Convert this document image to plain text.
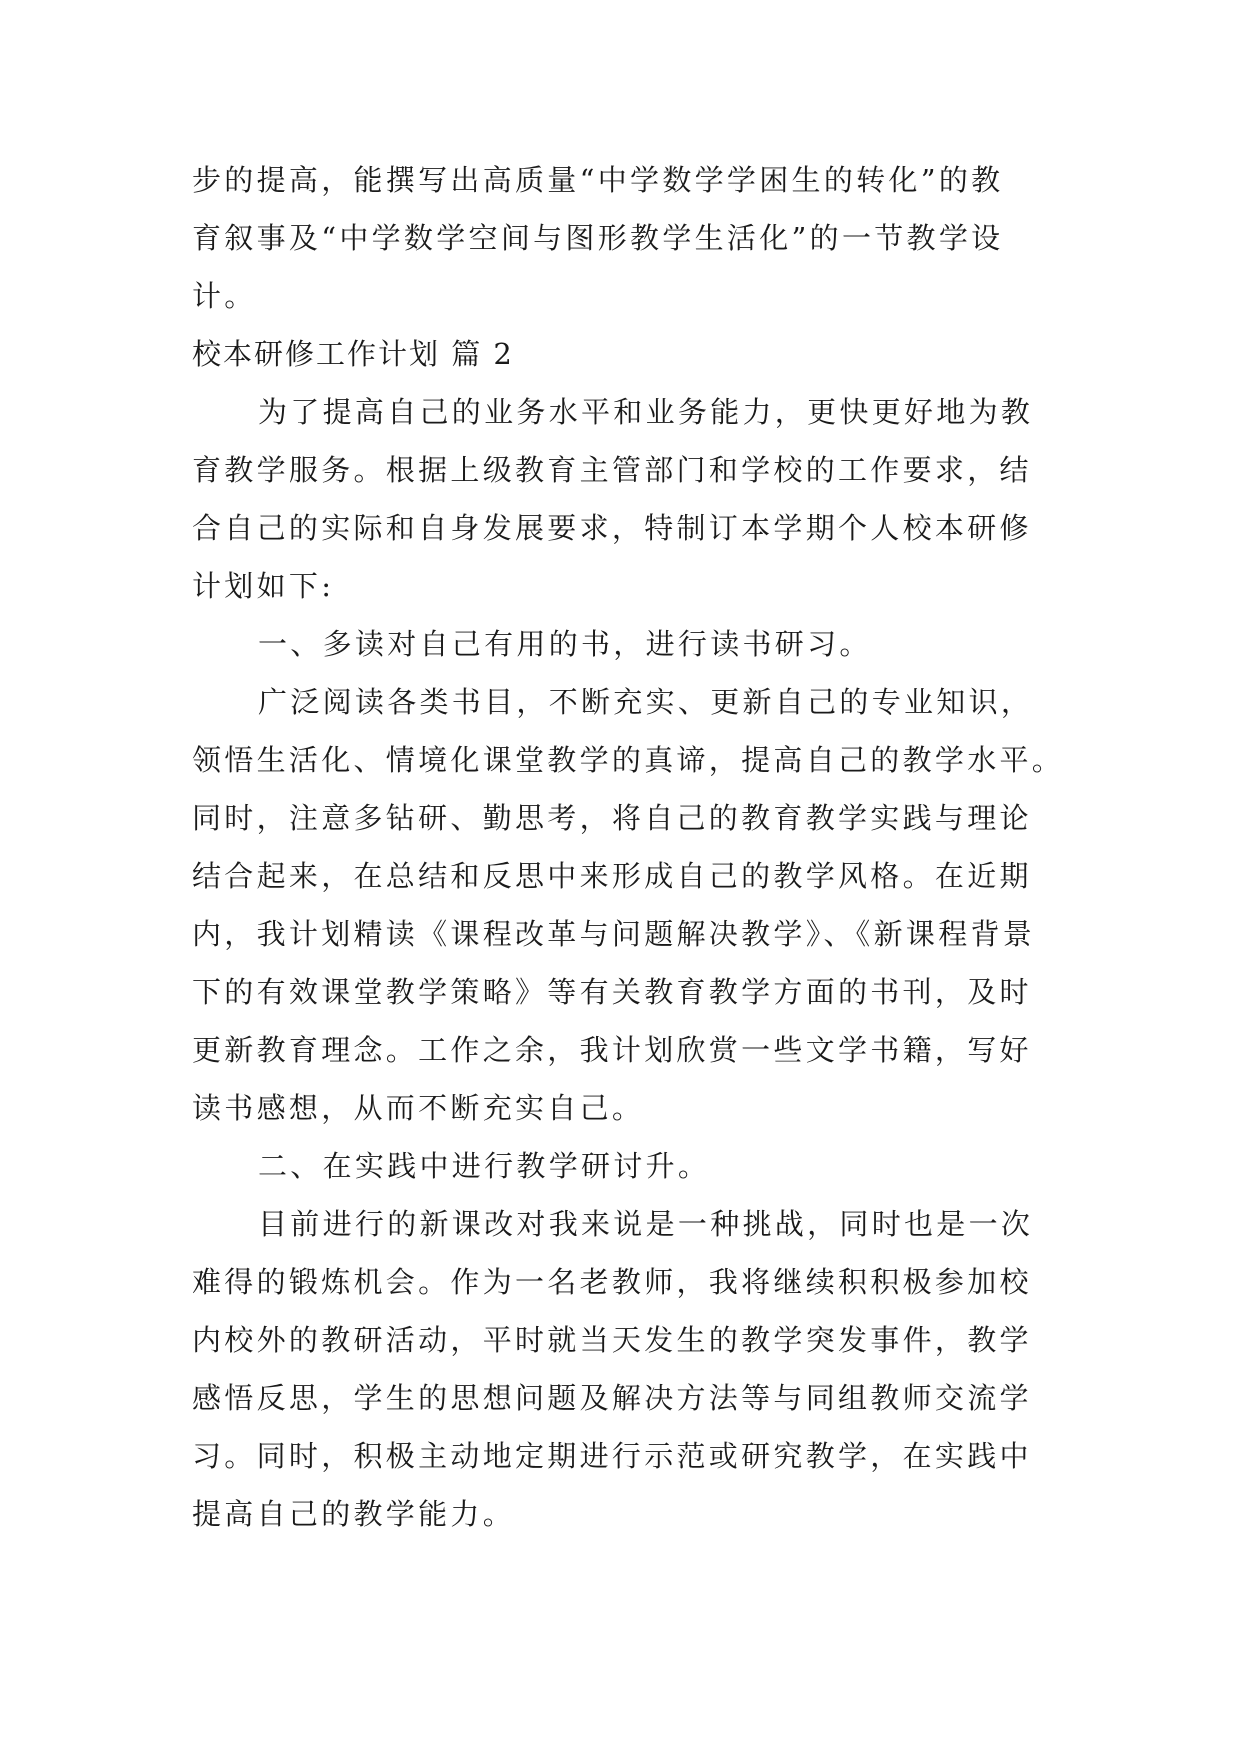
步的提高，能撰写出高质量“中学数学学困生的转化”的教
育叙事及“中学数学空间与图形教学生活化”的一节教学设
计。
校本研修工作计划 篇 2
为了提高自己的业务水平和业务能力，更快更好地为教
育教学服务。根据上级教育主管部门和学校的工作要求，结
合自己的实际和自身发展要求，特制订本学期个人校本研修
计划如下:
一、多读对自己有用的书，进行读书研习。
广泛阅读各类书目，不断充实、更新自己的专业知识，
领悟生活化、情境化课堂教学的真谛，提高自己的教学水平。
同时，注意多钻研、勤思考，将自己的教育教学实践与理论
结合起来，在总结和反思中来形成自己的教学风格。在近期
内，我计划精读《课程改革与问题解决教学》、《新课程背景
下的有效课堂教学策略》等有关教育教学方面的书刊，及时
更新教育理念。工作之余，我计划欣赏一些文学书籍，写好
读书感想，从而不断充实自己。
二、在实践中进行教学研讨升。
目前进行的新课改对我来说是一种挑战，同时也是一次
难得的锻炼机会。作为一名老教师，我将继续积积极参加校
内校外的教研活动，平时就当天发生的教学突发事件，教学
感悟反思，学生的思想问题及解决方法等与同组教师交流学
习。同时，积极主动地定期进行示范或研究教学，在实践中
提高自己的教学能力。
